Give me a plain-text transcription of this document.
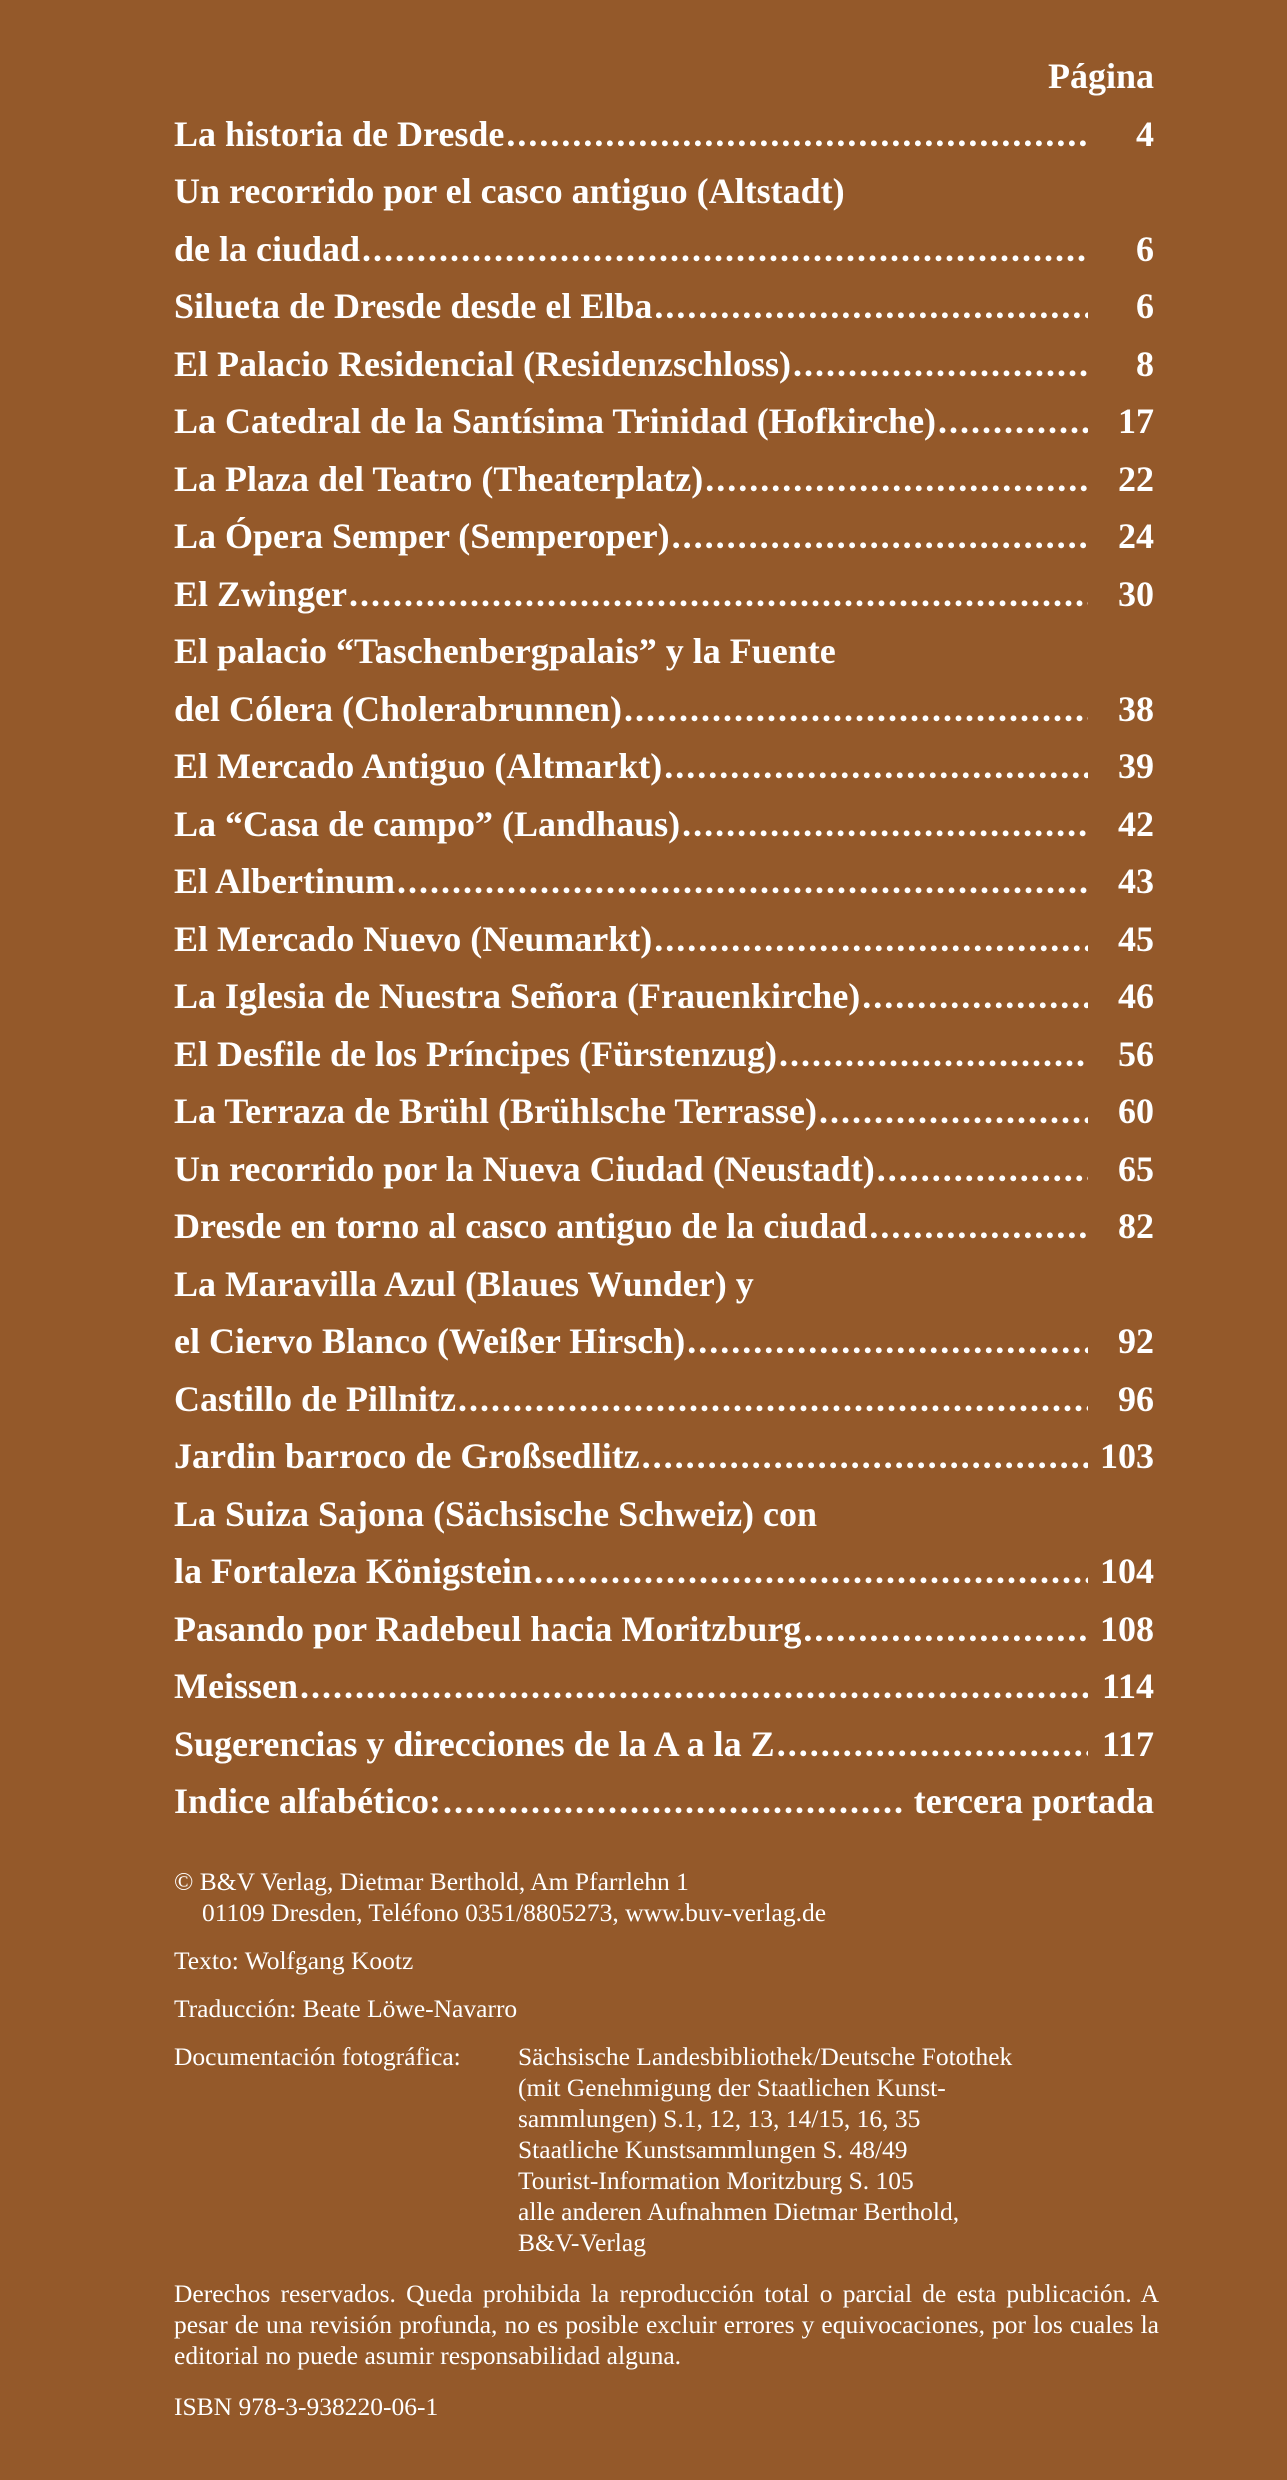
Página
La historia de Dresde .....	4
Un recorrido por el casco antiguo (Altstadt)
de la ciudad .....	6
Silueta de Dresde desde el Elba .....	6
El Palacio Residencial (Residenzschloss) .....	8
La Catedral de la Santísima Trinidad (Hofkirche) .....	17
La Plaza del Teatro (Theaterplatz) .....	22
La Ópera Semper (Semperoper) .....	24
El Zwinger .....	30
El palacio “Taschenbergpalais” y la Fuente
del Cólera (Cholerabrunnen) .....	38
El Mercado Antiguo (Altmarkt) .....	39
La “Casa de campo” (Landhaus) .....	42
El Albertinum .....	43
El Mercado Nuevo (Neumarkt) .....	45
La Iglesia de Nuestra Señora (Frauenkirche) .....	46
El Desfile de los Príncipes (Fürstenzug) .....	56
La Terraza de Brühl (Brühlsche Terrasse) .....	60
Un recorrido por la Nueva Ciudad (Neustadt) .....	65
Dresde en torno al casco antiguo de la ciudad .....	82
La Maravilla Azul (Blaues Wunder) y
el Ciervo Blanco (Weißer Hirsch) .....	92
Castillo de Pillnitz .....	96
Jardin barroco de Großsedlitz .....	103
La Suiza Sajona (Sächsische Schweiz) con
la Fortaleza Königstein .....	104
Pasando por Radebeul hacia Moritzburg .....	108
Meissen .....	114
Sugerencias y direcciones de la A a la Z .....	117
Indice alfabético: .....	tercera portada

© B&V Verlag, Dietmar Berthold, Am Pfarrlehn 1

01109 Dresden, Teléfono 0351/8805273, www.buv-verlag.de

Texto: Wolfgang Kootz

Traducción: Beate Löwe-Navarro

Documentación fotográfica:	Sächsische Landesbibliothek/Deutsche Fotothek
(mit Genehmigung der Staatlichen Kunst-
sammlungen) S.1, 12, 13, 14/15, 16, 35
Staatliche Kunstsammlungen S. 48/49
Tourist-Information Moritzburg S. 105
alle anderen Aufnahmen Dietmar Berthold,
B&V-Verlag

Derechos reservados. Queda prohibida la reproducción total o parcial de esta publicación. A pesar de una revisión profunda, no es posible excluir errores y equivocaciones, por los cuales la editorial no puede asumir responsabilidad alguna.

ISBN 978-3-938220-06-1
